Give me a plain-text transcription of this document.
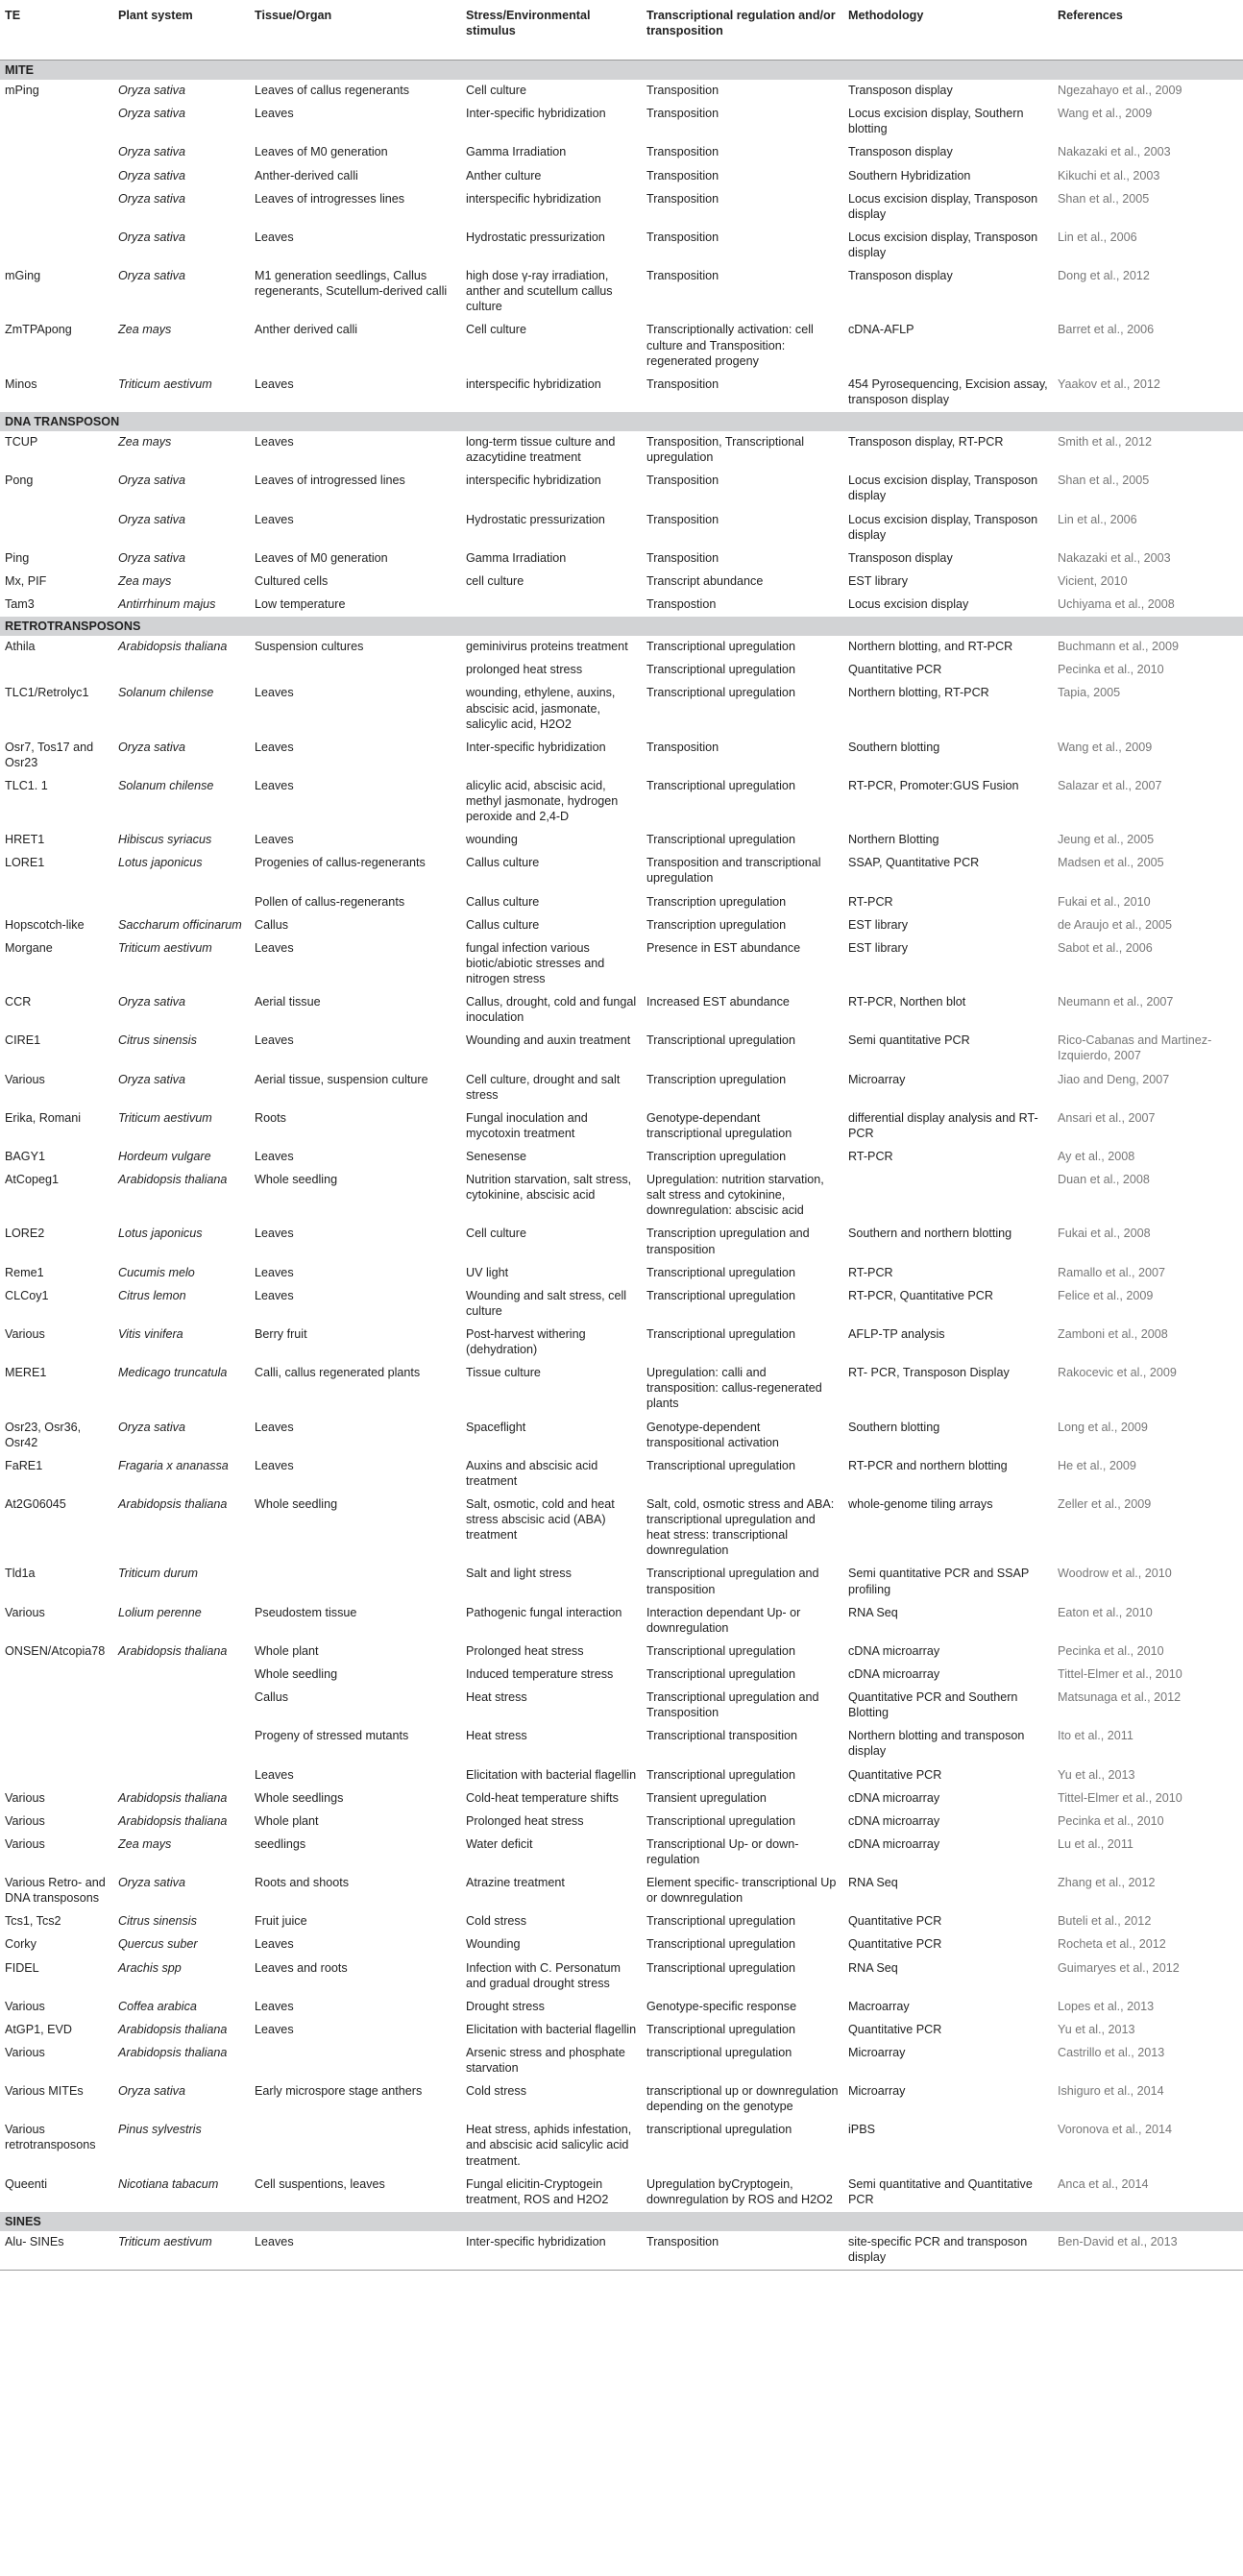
TE	Plant system	Tissue/Organ	Stress/Environmental stimulus	Transcriptional regulation and/or transposition	Methodology	References
MITE						
mPing	Oryza sativa	Leaves of callus regenerants	Cell culture	Transposition	Transposon display	Ngezahayo et al., 2009
	Oryza sativa	Leaves	Inter-specific hybridization	Transposition	Locus excision display, Southern blotting	Wang et al., 2009
	Oryza sativa	Leaves of M0 generation	Gamma Irradiation	Transposition	Transposon display	Nakazaki et al., 2003
	Oryza sativa	Anther-derived calli	Anther culture	Transposition	Southern Hybridization	Kikuchi et al., 2003
	Oryza sativa	Leaves of introgresses lines	interspecific hybridization	Transposition	Locus excision display, Transposon display	Shan et al., 2005
	Oryza sativa	Leaves	Hydrostatic pressurization	Transposition	Locus excision display, Transposon display	Lin et al., 2006
mGing	Oryza sativa	M1 generation seedlings, Callus regenerants, Scutellum-derived calli	high dose γ-ray irradiation, anther and scutellum callus culture	Transposition	Transposon display	Dong et al., 2012
ZmTPApong	Zea mays	Anther derived calli	Cell culture	Transcriptionally activation: cell culture and Transposition: regenerated progeny	cDNA-AFLP	Barret et al., 2006
Minos	Triticum aestivum	Leaves	interspecific hybridization	Transposition	454 Pyrosequencing, Excision assay, transposon display	Yaakov et al., 2012
DNA TRANSPOSON						
TCUP	Zea mays	Leaves	long-term tissue culture and azacytidine treatment	Transposition, Transcriptional upregulation	Transposon display, RT-PCR	Smith et al., 2012
Pong	Oryza sativa	Leaves of introgressed lines	interspecific hybridization	Transposition	Locus excision display, Transposon display	Shan et al., 2005
	Oryza sativa	Leaves	Hydrostatic pressurization	Transposition	Locus excision display, Transposon display	Lin et al., 2006
Ping	Oryza sativa	Leaves of M0 generation	Gamma Irradiation	Transposition	Transposon display	Nakazaki et al., 2003
Mx, PIF	Zea mays	Cultured cells	cell culture	Transcript abundance	EST library	Vicient, 2010
Tam3	Antirrhinum majus	Low temperature		Transpostion	Locus excision display	Uchiyama et al., 2008
RETROTRANSPOSONS						
Athila	Arabidopsis thaliana	Suspension cultures	geminivirus proteins treatment	Transcriptional upregulation	Northern blotting, and RT-PCR	Buchmann et al., 2009
			prolonged heat stress	Transcriptional upregulation	Quantitative PCR	Pecinka et al., 2010
TLC1/Retrolyc1	Solanum chilense	Leaves	wounding, ethylene, auxins, abscisic acid, jasmonate, salicylic acid, H2O2	Transcriptional upregulation	Northern blotting, RT-PCR	Tapia, 2005
Osr7, Tos17 and Osr23	Oryza sativa	Leaves	Inter-specific hybridization	Transposition	Southern blotting	Wang et al., 2009
TLC1. 1	Solanum chilense	Leaves	alicylic acid, abscisic acid, methyl jasmonate, hydrogen peroxide and 2,4-D	Transcriptional upregulation	RT-PCR, Promoter:GUS Fusion	Salazar et al., 2007
HRET1	Hibiscus syriacus	Leaves	wounding	Transcriptional upregulation	Northern Blotting	Jeung et al., 2005
LORE1	Lotus japonicus	Progenies of callus-regenerants	Callus culture	Transposition and transcriptional upregulation	SSAP, Quantitative PCR	Madsen et al., 2005
		Pollen of callus-regenerants	Callus culture	Transcription upregulation	RT-PCR	Fukai et al., 2010
Hopscotch-like	Saccharum officinarum	Callus	Callus culture	Transcription upregulation	EST library	de Araujo et al., 2005
Morgane	Triticum aestivum	Leaves	fungal infection various biotic/abiotic stresses and nitrogen stress	Presence in EST abundance	EST library	Sabot et al., 2006
CCR	Oryza sativa	Aerial tissue	Callus, drought, cold and fungal inoculation	Increased EST abundance	RT-PCR, Northen blot	Neumann et al., 2007
CIRE1	Citrus sinensis	Leaves	Wounding and auxin treatment	Transcriptional upregulation	Semi quantitative PCR	Rico-Cabanas and Martinez-Izquierdo, 2007
Various	Oryza sativa	Aerial tissue, suspension culture	Cell culture, drought and salt stress	Transcription upregulation	Microarray	Jiao and Deng, 2007
Erika, Romani	Triticum aestivum	Roots	Fungal inoculation and mycotoxin treatment	Genotype-dependant transcriptional upregulation	differential display analysis and RT-PCR	Ansari et al., 2007
BAGY1	Hordeum vulgare	Leaves	Senesense	Transcription upregulation	RT-PCR	Ay et al., 2008
AtCopeg1	Arabidopsis thaliana	Whole seedling	Nutrition starvation, salt stress, cytokinine, abscisic acid	Upregulation: nutrition starvation, salt stress and cytokinine, downregulation: abscisic acid		Duan et al., 2008
LORE2	Lotus japonicus	Leaves	Cell culture	Transcription upregulation and transposition	Southern and northern blotting	Fukai et al., 2008
Reme1	Cucumis melo	Leaves	UV light	Transcriptional upregulation	RT-PCR	Ramallo et al., 2007
CLCoy1	Citrus lemon	Leaves	Wounding and salt stress, cell culture	Transcriptional upregulation	RT-PCR, Quantitative PCR	Felice et al., 2009
Various	Vitis vinifera	Berry fruit	Post-harvest withering (dehydration)	Transcriptional upregulation	AFLP-TP analysis	Zamboni et al., 2008
MERE1	Medicago truncatula	Calli, callus regenerated plants	Tissue culture	Upregulation: calli and transposition: callus-regenerated plants	RT- PCR, Transposon Display	Rakocevic et al., 2009
Osr23, Osr36, Osr42	Oryza sativa	Leaves	Spaceflight	Genotype-dependent transpositional activation	Southern blotting	Long et al., 2009
FaRE1	Fragaria x ananassa	Leaves	Auxins and abscisic acid treatment	Transcriptional upregulation	RT-PCR and northern blotting	He et al., 2009
At2G06045	Arabidopsis thaliana	Whole seedling	Salt, osmotic, cold and heat stress abscisic acid (ABA) treatment	Salt, cold, osmotic stress and ABA: transcriptional upregulation and heat stress: transcriptional downregulation	whole-genome tiling arrays	Zeller et al., 2009
Tld1a	Triticum durum		Salt and light stress	Transcriptional upregulation and transposition	Semi quantitative PCR and SSAP profiling	Woodrow et al., 2010
Various	Lolium perenne	Pseudostem tissue	Pathogenic fungal interaction	Interaction dependant Up- or downregulation	RNA Seq	Eaton et al., 2010
ONSEN/Atcopia78	Arabidopsis thaliana	Whole plant	Prolonged heat stress	Transcriptional upregulation	cDNA microarray	Pecinka et al., 2010
		Whole seedling	Induced temperature stress	Transcriptional upregulation	cDNA microarray	Tittel-Elmer et al., 2010
		Callus	Heat stress	Transcriptional upregulation and Transposition	Quantitative PCR and Southern Blotting	Matsunaga et al., 2012
		Progeny of stressed mutants	Heat stress	Transcriptional transposition	Northern blotting and transposon display	Ito et al., 2011
		Leaves	Elicitation with bacterial flagellin	Transcriptional upregulation	Quantitative PCR	Yu et al., 2013
Various	Arabidopsis thaliana	Whole seedlings	Cold-heat temperature shifts	Transient upregulation	cDNA microarray	Tittel-Elmer et al., 2010
Various	Arabidopsis thaliana	Whole plant	Prolonged heat stress	Transcriptional upregulation	cDNA microarray	Pecinka et al., 2010
Various	Zea mays	seedlings	Water deficit	Transcriptional Up- or down-regulation	cDNA microarray	Lu et al., 2011
Various Retro- and DNA transposons	Oryza sativa	Roots and shoots	Atrazine treatment	Element specific- transcriptional Up or downregulation	RNA Seq	Zhang et al., 2012
Tcs1, Tcs2	Citrus sinensis	Fruit juice	Cold stress	Transcriptional upregulation	Quantitative PCR	Buteli et al., 2012
Corky	Quercus suber	Leaves	Wounding	Transcriptional upregulation	Quantitative PCR	Rocheta et al., 2012
FIDEL	Arachis spp	Leaves and roots	Infection with C. Personatum and gradual drought stress	Transcriptional upregulation	RNA Seq	Guimaryes et al., 2012
Various	Coffea arabica	Leaves	Drought stress	Genotype-specific response	Macroarray	Lopes et al., 2013
AtGP1, EVD	Arabidopsis thaliana	Leaves	Elicitation with bacterial flagellin	Transcriptional upregulation	Quantitative PCR	Yu et al., 2013
Various	Arabidopsis thaliana		Arsenic stress and phosphate starvation	transcriptional upregulation	Microarray	Castrillo et al., 2013
Various MITEs	Oryza sativa	Early microspore stage anthers	Cold stress	transcriptional up or downregulation depending on the genotype	Microarray	Ishiguro et al., 2014
Various retrotransposons	Pinus sylvestris		Heat stress, aphids infestation, and abscisic acid salicylic acid treatment.	transcriptional upregulation	iPBS	Voronova et al., 2014
Queenti	Nicotiana tabacum	Cell suspentions, leaves	Fungal elicitin-Cryptogein treatment, ROS and H2O2	Upregulation byCryptogein, downregulation by ROS and H2O2	Semi quantitative and Quantitative PCR	Anca et al., 2014
SINES						
Alu- SINEs	Triticum aestivum	Leaves	Inter-specific hybridization	Transposition	site-specific PCR and transposon display	Ben-David et al., 2013
